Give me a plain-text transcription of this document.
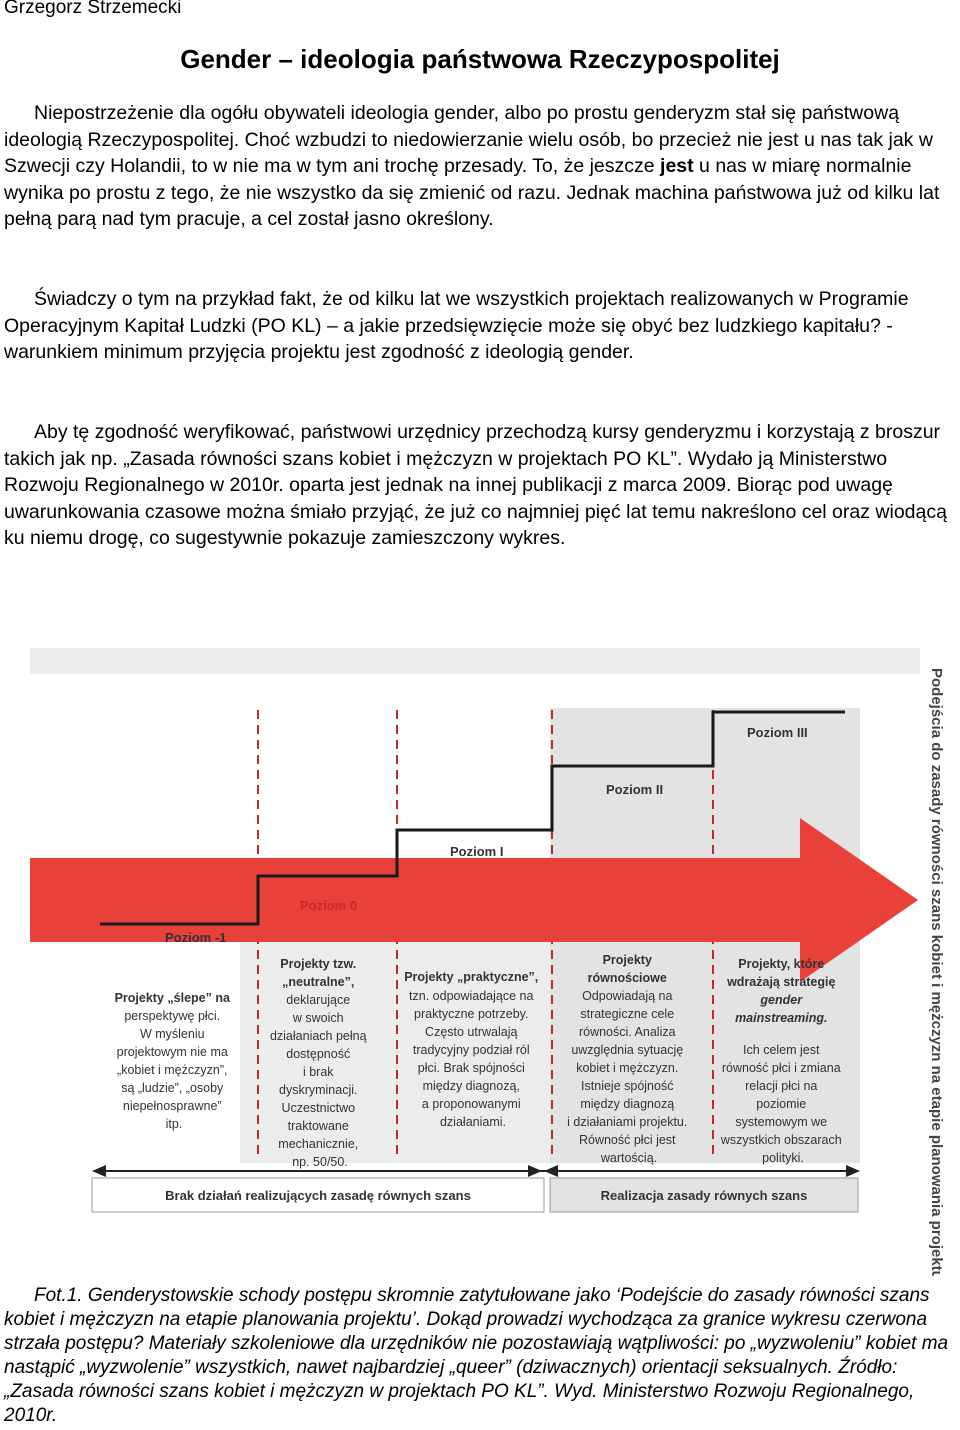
Grzegorz Strzemecki
Gender – ideologia państwowa Rzeczypospolitej

Niepostrzeżenie dla ogółu obywateli ideologia gender, albo po prostu genderyzm stał się państwową ideologią Rzeczypospolitej. Choć wzbudzi to niedowierzanie wielu osób, bo przecież nie jest u nas tak jak w Szwecji czy Holandii, to w nie ma w tym ani trochę przesady. To, że jeszcze jest u nas w miarę normalnie wynika po prostu z tego, że nie wszystko da się zmienić od razu. Jednak machina państwowa już od kilku lat pełną parą nad tym pracuje, a cel został jasno określony.

Świadczy o tym na przykład fakt, że od kilku lat we wszystkich projektach realizowanych w Programie Operacyjnym Kapitał Ludzki (PO KL) – a jakie przedsięwzięcie może się obyć bez ludzkiego kapitału? - warunkiem minimum przyjęcia projektu jest zgodność z ideologią gender.

Aby tę zgodność weryfikować, państwowi urzędnicy przechodzą kursy genderyzmu i korzystają z broszur takich jak np. „Zasada równości szans kobiet i mężczyzn w projektach PO KL”. Wydało ją Ministerstwo Rozwoju Regionalnego w 2010r. oparta jest jednak na innej publikacji z marca 2009. Biorąc pod uwagę uwarunkowania czasowe można śmiało przyjąć, że już co najmniej pięć lat temu nakreślono cel oraz wiodącą ku niemu drogę, co sugestywnie pokazuje zamieszczony wykres.

Poziom -1
Poziom 0
Poziom I
Poziom II
Poziom III
Projekty „ślepe” na perspektywę płci. W myśleniu projektowym nie ma „kobiet i mężczyzn”, są „ludzie”, „osoby niepełnosprawne” itp.
Projekty tzw. „neutralne”, deklarujące w swoich działaniach pełną dostępność i brak dyskryminacji. Uczestnictwo traktowane mechanicznie, np. 50/50.
Projekty „praktyczne”, tzn. odpowiadające na praktyczne potrzeby. Często utrwalają tradycyjny podział ról płci. Brak spójności między diagnozą, a proponowanymi działaniami.
Projekty równościowe Odpowiadają na strategiczne cele równości. Analiza uwzględnia sytuację kobiet i mężczyzn. Istnieje spójność między diagnozą i działaniami projektu. Równość płci jest wartością.
Projekty, które wdrażają strategię gender mainstreaming. Ich celem jest równość płci i zmiana relacji płci na poziomie systemowym we wszystkich obszarach polityki.
Brak działań realizujących zasadę równych szans	Realizacja zasady równych szans	Podejścia do zasady równości szans kobiet i mężczyzn na etapie planowania projektu

Fot.1. Genderystowskie schody postępu skromnie zatytułowane jako ‘Podejście do zasady równości szans kobiet i mężczyzn na etapie planowania projektu’. Dokąd prowadzi wychodząca za granice wykresu czerwona strzała postępu? Materiały szkoleniowe dla urzędników nie pozostawiają wątpliwości: po „wyzwoleniu” kobiet ma nastąpić „wyzwolenie” wszystkich, nawet najbardziej „queer” (dziwacznych) orientacji seksualnych. Źródło: „Zasada równości szans kobiet i mężczyzn w projektach PO KL”. Wyd. Ministerstwo Rozwoju Regionalnego, 2010r.
